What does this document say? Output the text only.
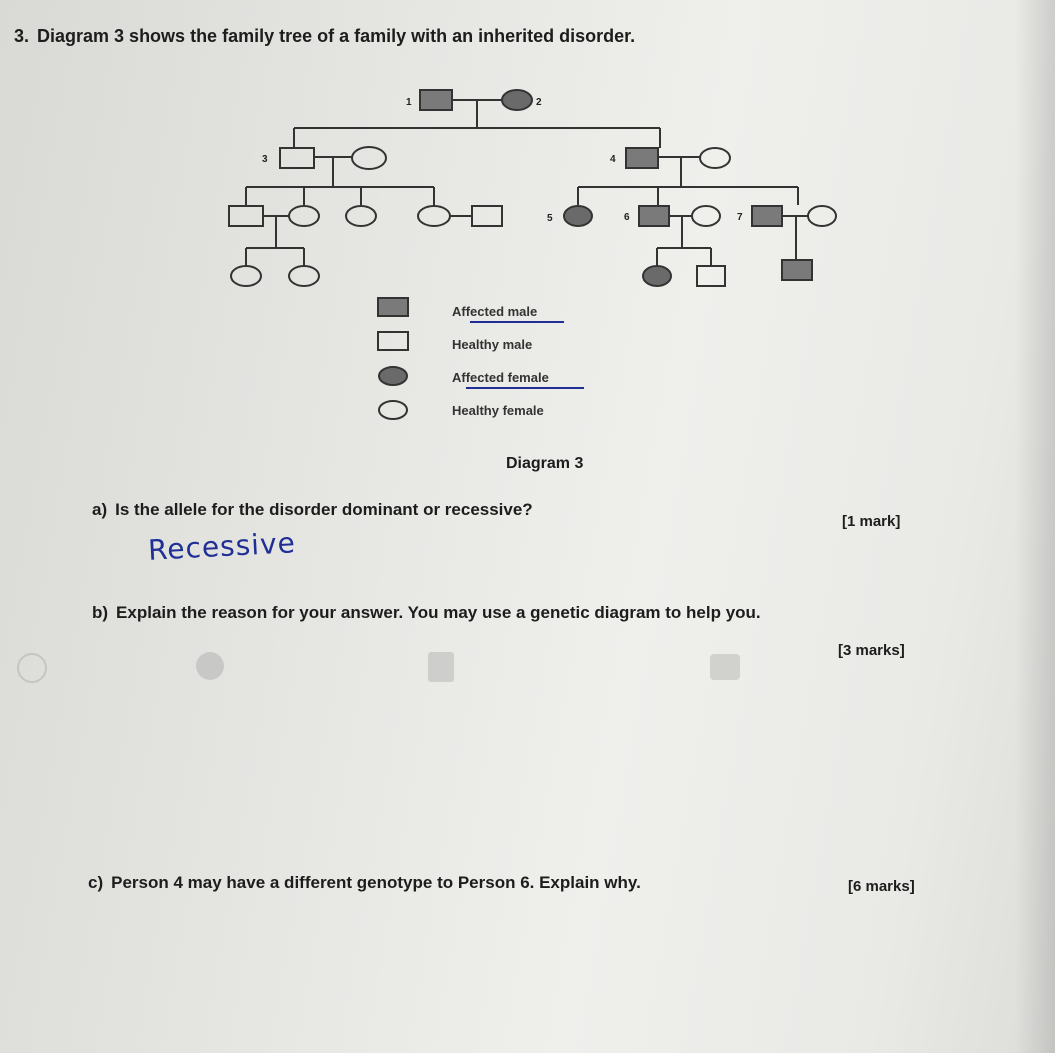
3. Diagram 3 shows the family tree of a family with an inherited disorder.
1	2
3	4
5	6	7
Affected male
Healthy male
Affected female
Healthy female
Diagram 3
a) Is the allele for the disorder dominant or recessive?
[1 mark]
Recessive
b) Explain the reason for your answer. You may use a genetic diagram to help you.
[3 marks]
c) Person 4 may have a different genotype to Person 6. Explain why.	[6 marks]
